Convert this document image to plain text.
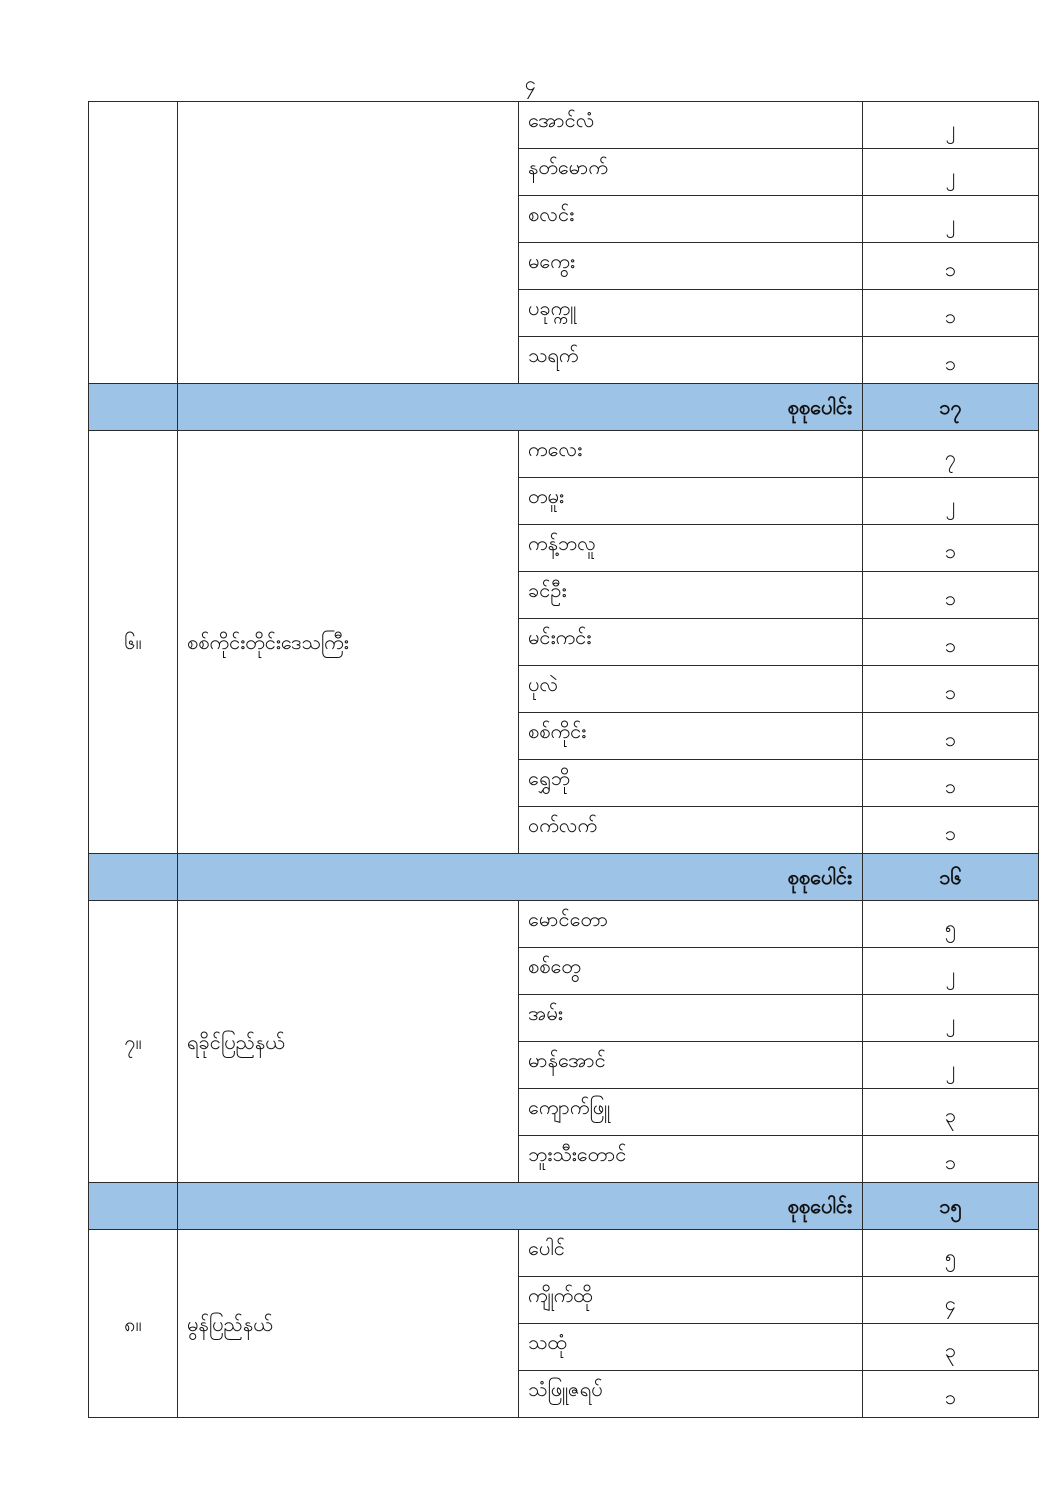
၄
		အောင်လံ	၂
		နတ်မောက်	၂
		စလင်း	၂
		မကွေး	၁
		ပခုက္ကူ	၁
		သရက်	၁
	စုစုပေါင်း		၁၇
၆။	စစ်ကိုင်းတိုင်းဒေသကြီး	ကလေး	၇
		တမူး	၂
		ကန့်ဘလူ	၁
		ခင်ဦး	၁
		မင်းကင်း	၁
		ပုလဲ	၁
		စစ်ကိုင်း	၁
		ရွှေဘို	၁
		ဝက်လက်	၁
	စုစုပေါင်း		၁၆
၇။	ရခိုင်ပြည်နယ်	မောင်တော	၅
		စစ်တွေ	၂
		အမ်း	၂
		မာန်အောင်	၂
		ကျောက်ဖြူ	၃
		ဘူးသီးတောင်	၁
	စုစုပေါင်း		၁၅
၈။	မွန်ပြည်နယ်	ပေါင်	၅
		ကျိုက်ထို	၄
		သထုံ	၃
		သံဖြူဇရပ်	၁
